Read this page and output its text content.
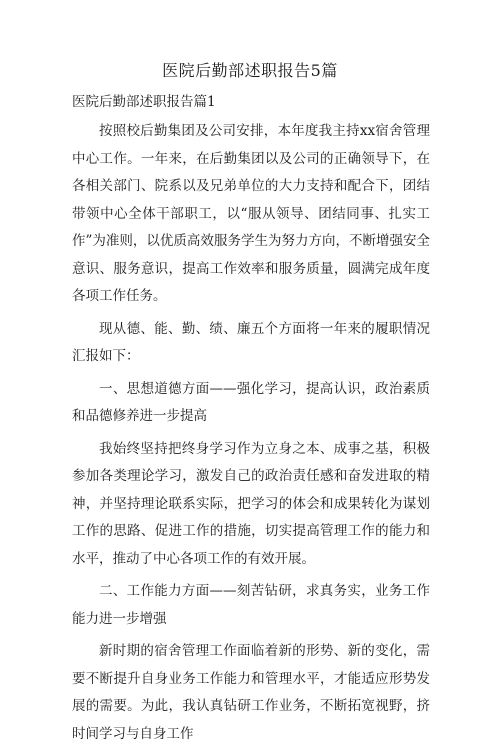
医院后勤部述职报告5篇
医院后勤部述职报告篇1

按照校后勤集团及公司安排，本年度我主持xx宿舍管理中心工作。一年来，在后勤集团以及公司的正确领导下，在各相关部门、院系以及兄弟单位的大力支持和配合下，团结带领中心全体干部职工，以“服从领导、团结同事、扎实工作”为准则，以优质高效服务学生为努力方向，不断增强安全意识、服务意识，提高工作效率和服务质量，圆满完成年度各项工作任务。

现从德、能、勤、绩、廉五个方面将一年来的履职情况汇报如下：

一、思想道德方面——强化学习，提高认识，政治素质和品德修养进一步提高

我始终坚持把终身学习作为立身之本、成事之基，积极参加各类理论学习，激发自己的政治责任感和奋发进取的精神，并坚持理论联系实际，把学习的体会和成果转化为谋划工作的思路、促进工作的措施，切实提高管理工作的能力和水平，推动了中心各项工作的有效开展。

二、工作能力方面——刻苦钻研，求真务实，业务工作能力进一步增强

新时期的宿舍管理工作面临着新的形势、新的变化，需要不断提升自身业务工作能力和管理水平，才能适应形势发展的需要。为此，我认真钻研工作业务，不断拓宽视野，挤时间学习与自身工作
